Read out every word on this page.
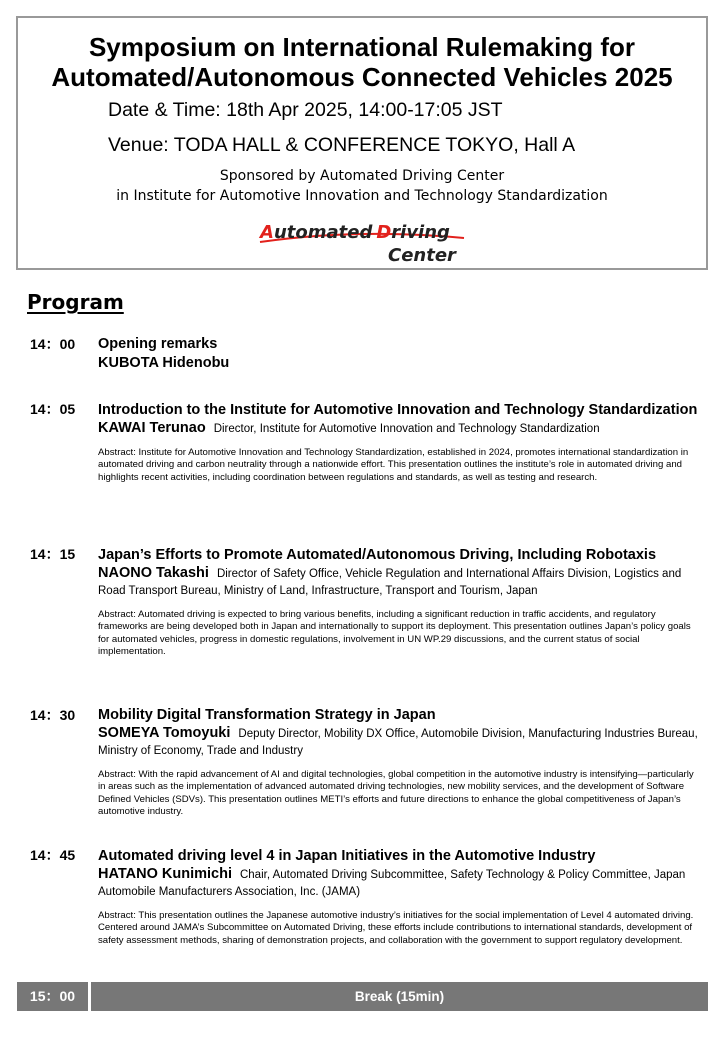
Symposium on International Rulemaking for
Automated/Autonomous Connected Vehicles 2025
Date & Time: 18th Apr 2025, 14:00-17:05 JST
Venue: TODA HALL & CONFERENCE TOKYO, Hall A
Sponsored by Automated Driving Center
in Institute for Automotive Innovation and Technology Standardization
Automated Driving
Center
Program
14：00 Opening remarks
KUBOTA Hidenobu
14：05 Introduction to the Institute for Automotive Innovation and Technology Standardization
KAWAI Terunao Director, Institute for Automotive Innovation and Technology Standardization
Abstract: Institute for Automotive Innovation and Technology Standardization, established in 2024, promotes international standardization in automated driving and carbon neutrality through a nationwide effort. This presentation outlines the institute’s role in automated driving and highlights recent activities, including coordination between regulations and standards, as well as testing and research.
14：15 Japan’s Efforts to Promote Automated/Autonomous Driving, Including Robotaxis
NAONO Takashi Director of Safety Office, Vehicle Regulation and International Affairs Division, Logistics and Road Transport Bureau, Ministry of Land, Infrastructure, Transport and Tourism, Japan
Abstract: Automated driving is expected to bring various benefits, including a significant reduction in traffic accidents, and regulatory frameworks are being developed both in Japan and internationally to support its deployment. This presentation outlines Japan’s policy goals for automated vehicles, progress in domestic regulations, involvement in UN WP.29 discussions, and the current status of social implementation.
14：30 Mobility Digital Transformation Strategy in Japan
SOMEYA Tomoyuki Deputy Director, Mobility DX Office, Automobile Division, Manufacturing Industries Bureau, Ministry of Economy, Trade and Industry
Abstract: With the rapid advancement of AI and digital technologies, global competition in the automotive industry is intensifying—particularly in areas such as the implementation of advanced automated driving technologies, new mobility services, and the development of Software Defined Vehicles (SDVs). This presentation outlines METI’s efforts and future directions to enhance the global competitiveness of Japan’s automotive industry.
14：45 Automated driving level 4 in Japan Initiatives in the Automotive Industry
HATANO Kunimichi Chair, Automated Driving Subcommittee, Safety Technology & Policy Committee, Japan Automobile Manufacturers Association, Inc. (JAMA)
Abstract: This presentation outlines the Japanese automotive industry’s initiatives for the social implementation of Level 4 automated driving. Centered around JAMA’s Subcommittee on Automated Driving, these efforts include contributions to international standards, development of safety assessment methods, sharing of demonstration projects, and collaboration with the government to support regulatory development.
15：00	Break (15min)
